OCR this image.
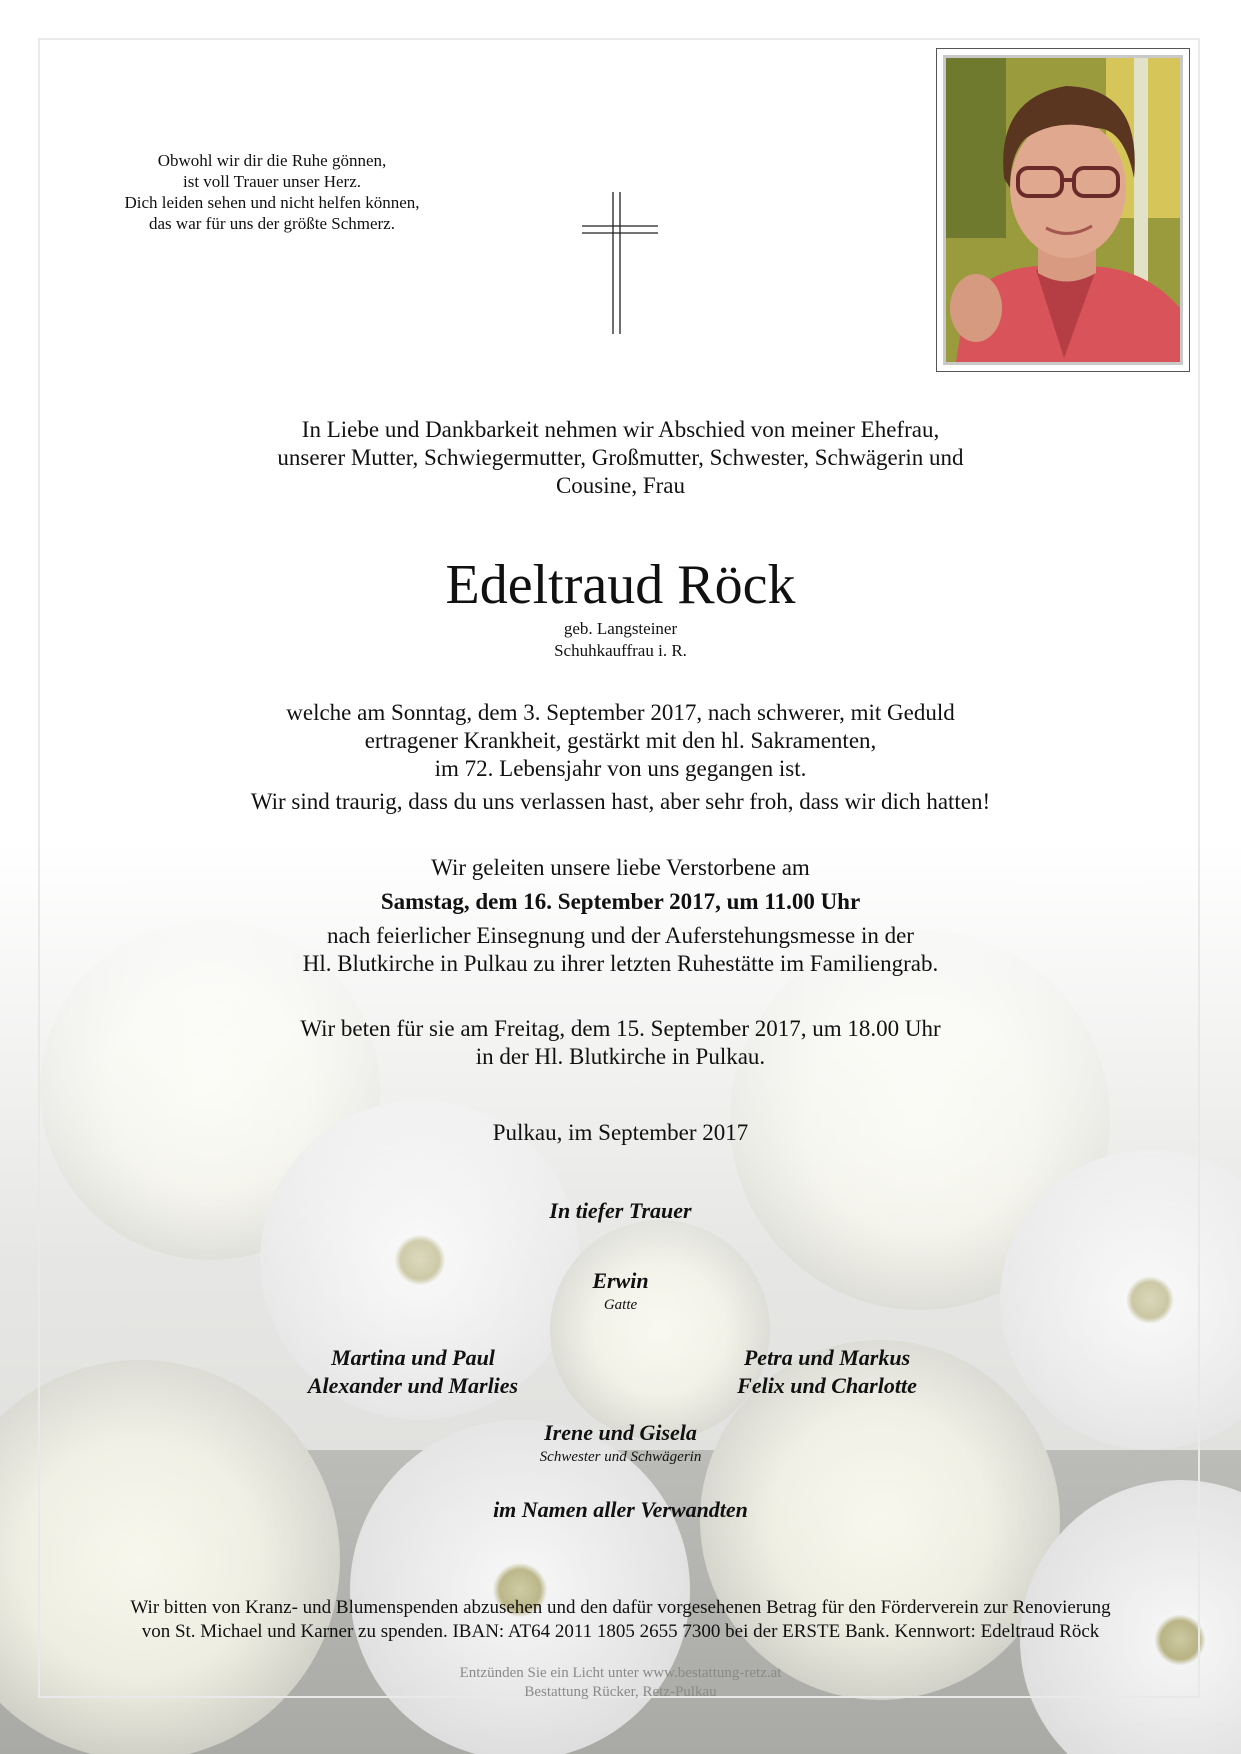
Obwohl wir dir die Ruhe gönnen,
ist voll Trauer unser Herz.
Dich leiden sehen und nicht helfen können,
das war für uns der größte Schmerz.
In Liebe und Dankbarkeit nehmen wir Abschied von meiner Ehefrau,
unserer Mutter, Schwiegermutter, Großmutter, Schwester, Schwägerin und
Cousine, Frau
Edeltraud Röck
geb. Langsteiner
Schuhkauffrau i. R.
welche am Sonntag, dem 3. September 2017, nach schwerer, mit Geduld
ertragener Krankheit, gestärkt mit den hl. Sakramenten,
im 72. Lebensjahr von uns gegangen ist.
Wir sind traurig, dass du uns verlassen hast, aber sehr froh, dass wir dich hatten!
Wir geleiten unsere liebe Verstorbene am
Samstag, dem 16. September 2017, um 11.00 Uhr
nach feierlicher Einsegnung und der Auferstehungsmesse in der
Hl. Blutkirche in Pulkau zu ihrer letzten Ruhestätte im Familiengrab.
Wir beten für sie am Freitag, dem 15. September 2017, um 18.00 Uhr
in der Hl. Blutkirche in Pulkau.
Pulkau, im September 2017
In tiefer Trauer
Erwin
Gatte
Martina und Paul
Alexander und Marlies
Petra und Markus
Felix und Charlotte
Irene und Gisela
Schwester und Schwägerin
im Namen aller Verwandten
Wir bitten von Kranz- und Blumenspenden abzusehen und den dafür vorgesehenen Betrag für den Förderverein zur Renovierung
von St. Michael und Karner zu spenden. IBAN: AT64 2011 1805 2655 7300 bei der ERSTE Bank. Kennwort: Edeltraud Röck
Entzünden Sie ein Licht unter www.bestattung-retz.at
Bestattung Rücker, Retz-Pulkau
